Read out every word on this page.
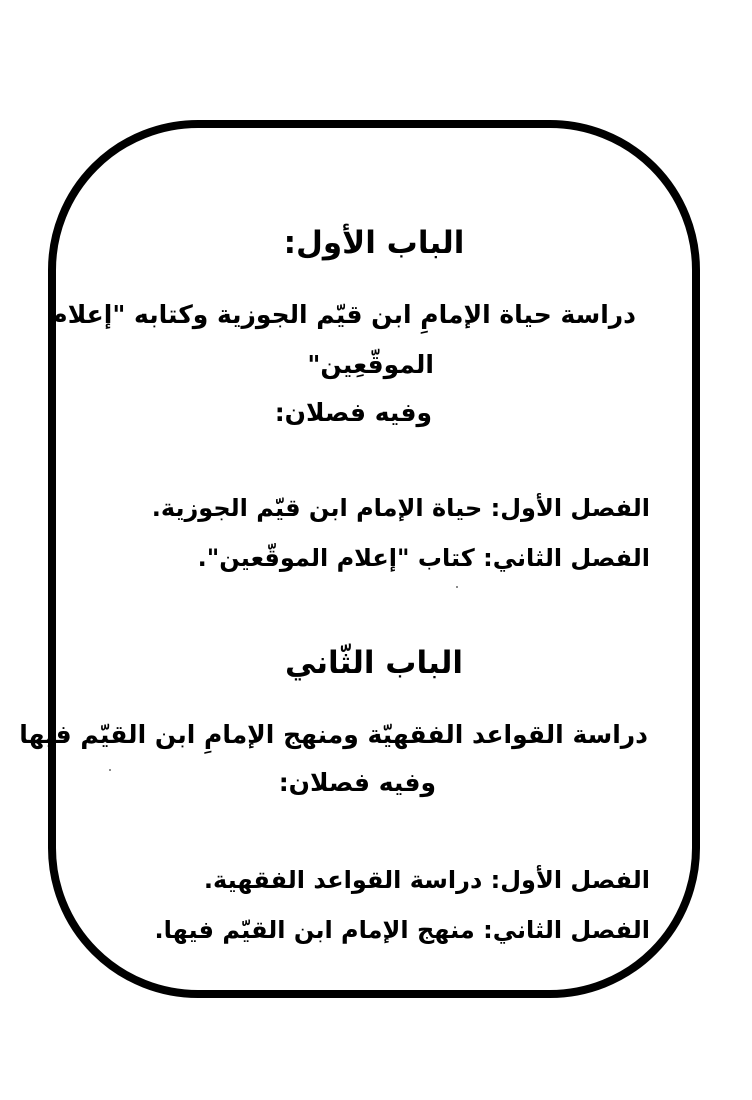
الباب الأول:
دراسة حياة الإمامِ ابن قيّم الجوزية وكتابه "إعلام
الموقّعِين"
وفيه فصلان:
الفصل الأول: حياة الإمام ابن قيّم الجوزية.
الفصل الثاني: كتاب "إعلام الموقّعين".
الباب الثّاني
دراسة القواعد الفقهيّة ومنهج الإمامِ ابن القيّم فيها
وفيه فصلان:
الفصل الأول: دراسة القواعد الفقهية.
الفصل الثاني: منهج الإمام ابن القيّم فيها.
